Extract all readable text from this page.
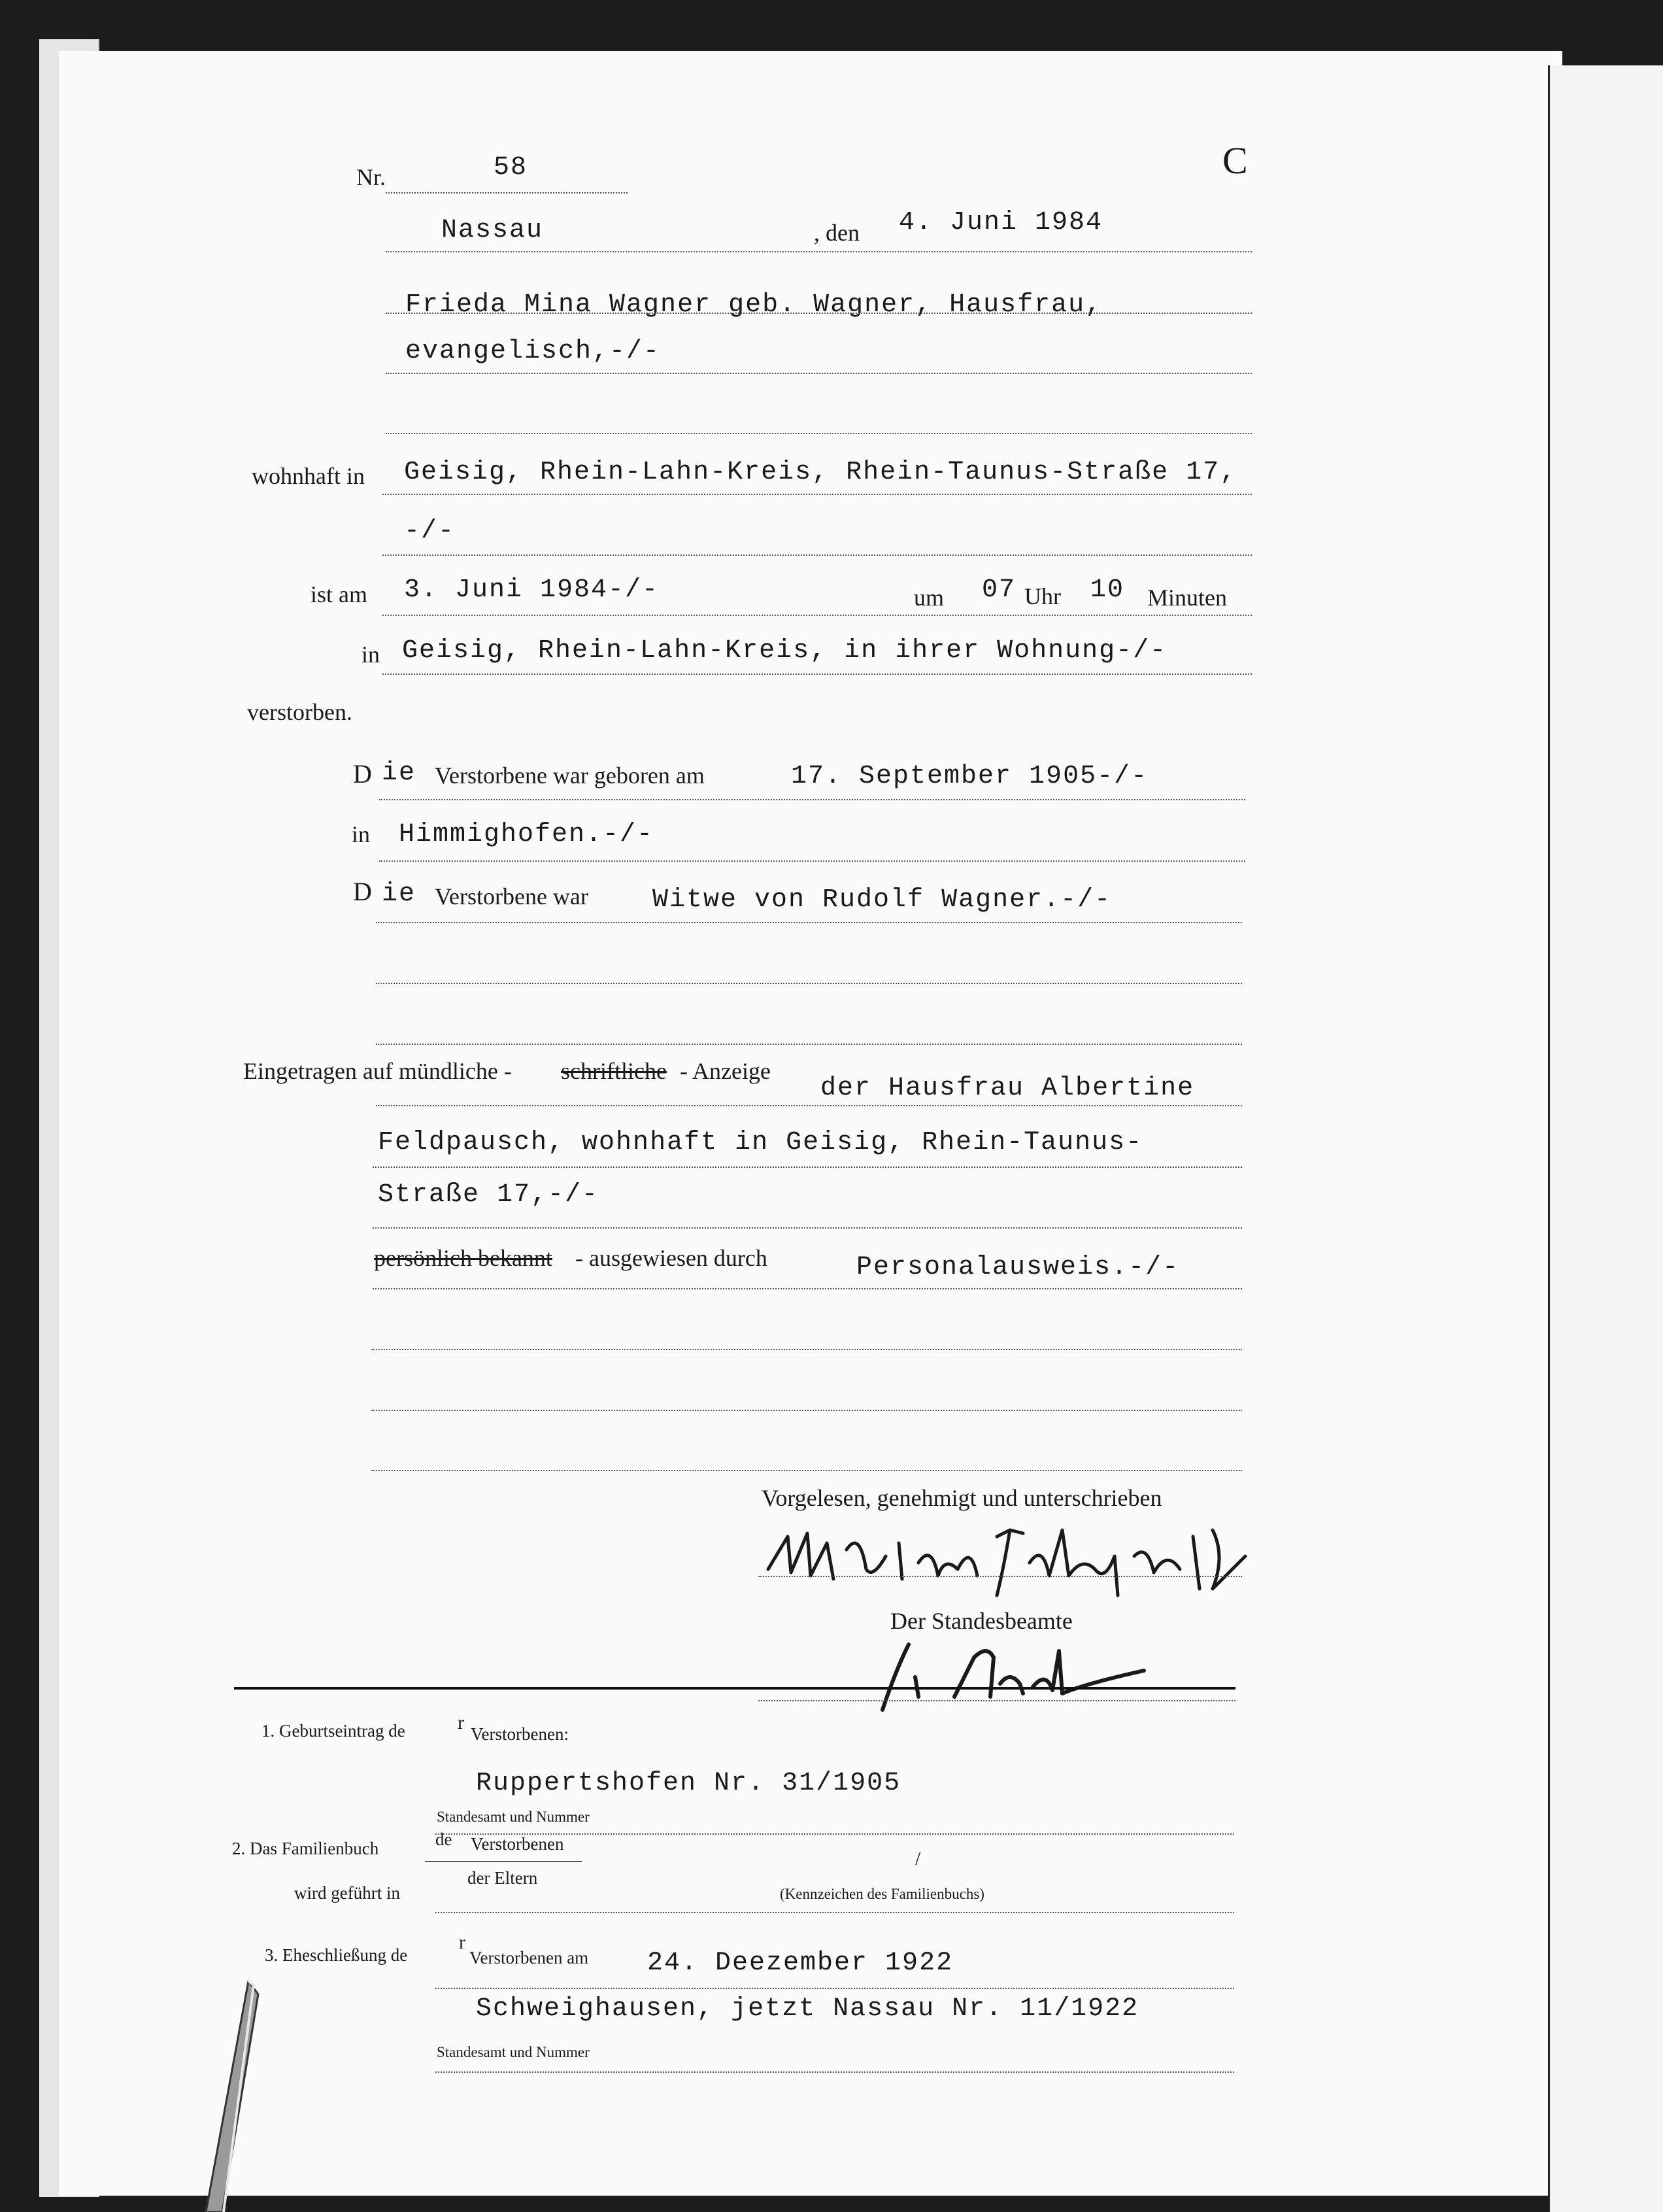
Nr.	58	C
Nassau	, den 4. Juni 1984
Frieda Mina Wagner geb. Wagner, Hausfrau,
evangelisch,-/-
wohnhaft in Geisig, Rhein-Lahn-Kreis, Rhein-Taunus-Straße 17,
-/-
ist am 3. Juni 1984-/-	um 07 Uhr 10 Minuten
in Geisig, Rhein-Lahn-Kreis, in ihrer Wohnung-/-
verstorben.
D ie Verstorbene war geboren am	17. September 1905-/-
in Himmighofen.-/-
D ie Verstorbene war Witwe von Rudolf Wagner.-/-
Eingetragen auf mündliche - schriftliche - Anzeige
der Hausfrau Albertine
Feldpausch, wohnhaft in Geisig, Rhein-Taunus-
Straße 17,-/-
persönlich bekannt - ausgewiesen durch	Personalausweis.-/-
Vorgelesen, genehmigt und unterschrieben
Der Standesbeamte
1. Geburtseintrag de	r
Verstorbenen:
Ruppertshofen Nr. 31/1905
Standesamt und Nummer
2. Das Familienbuch	de Verstorbenen
der Eltern
/
(Kennzeichen des Familienbuchs)
wird geführt in
3. Eheschließung de
r
Verstorbenen am 24. Deezember 1922
Schweighausen, jetzt Nassau Nr. 11/1922
Standesamt und Nummer
